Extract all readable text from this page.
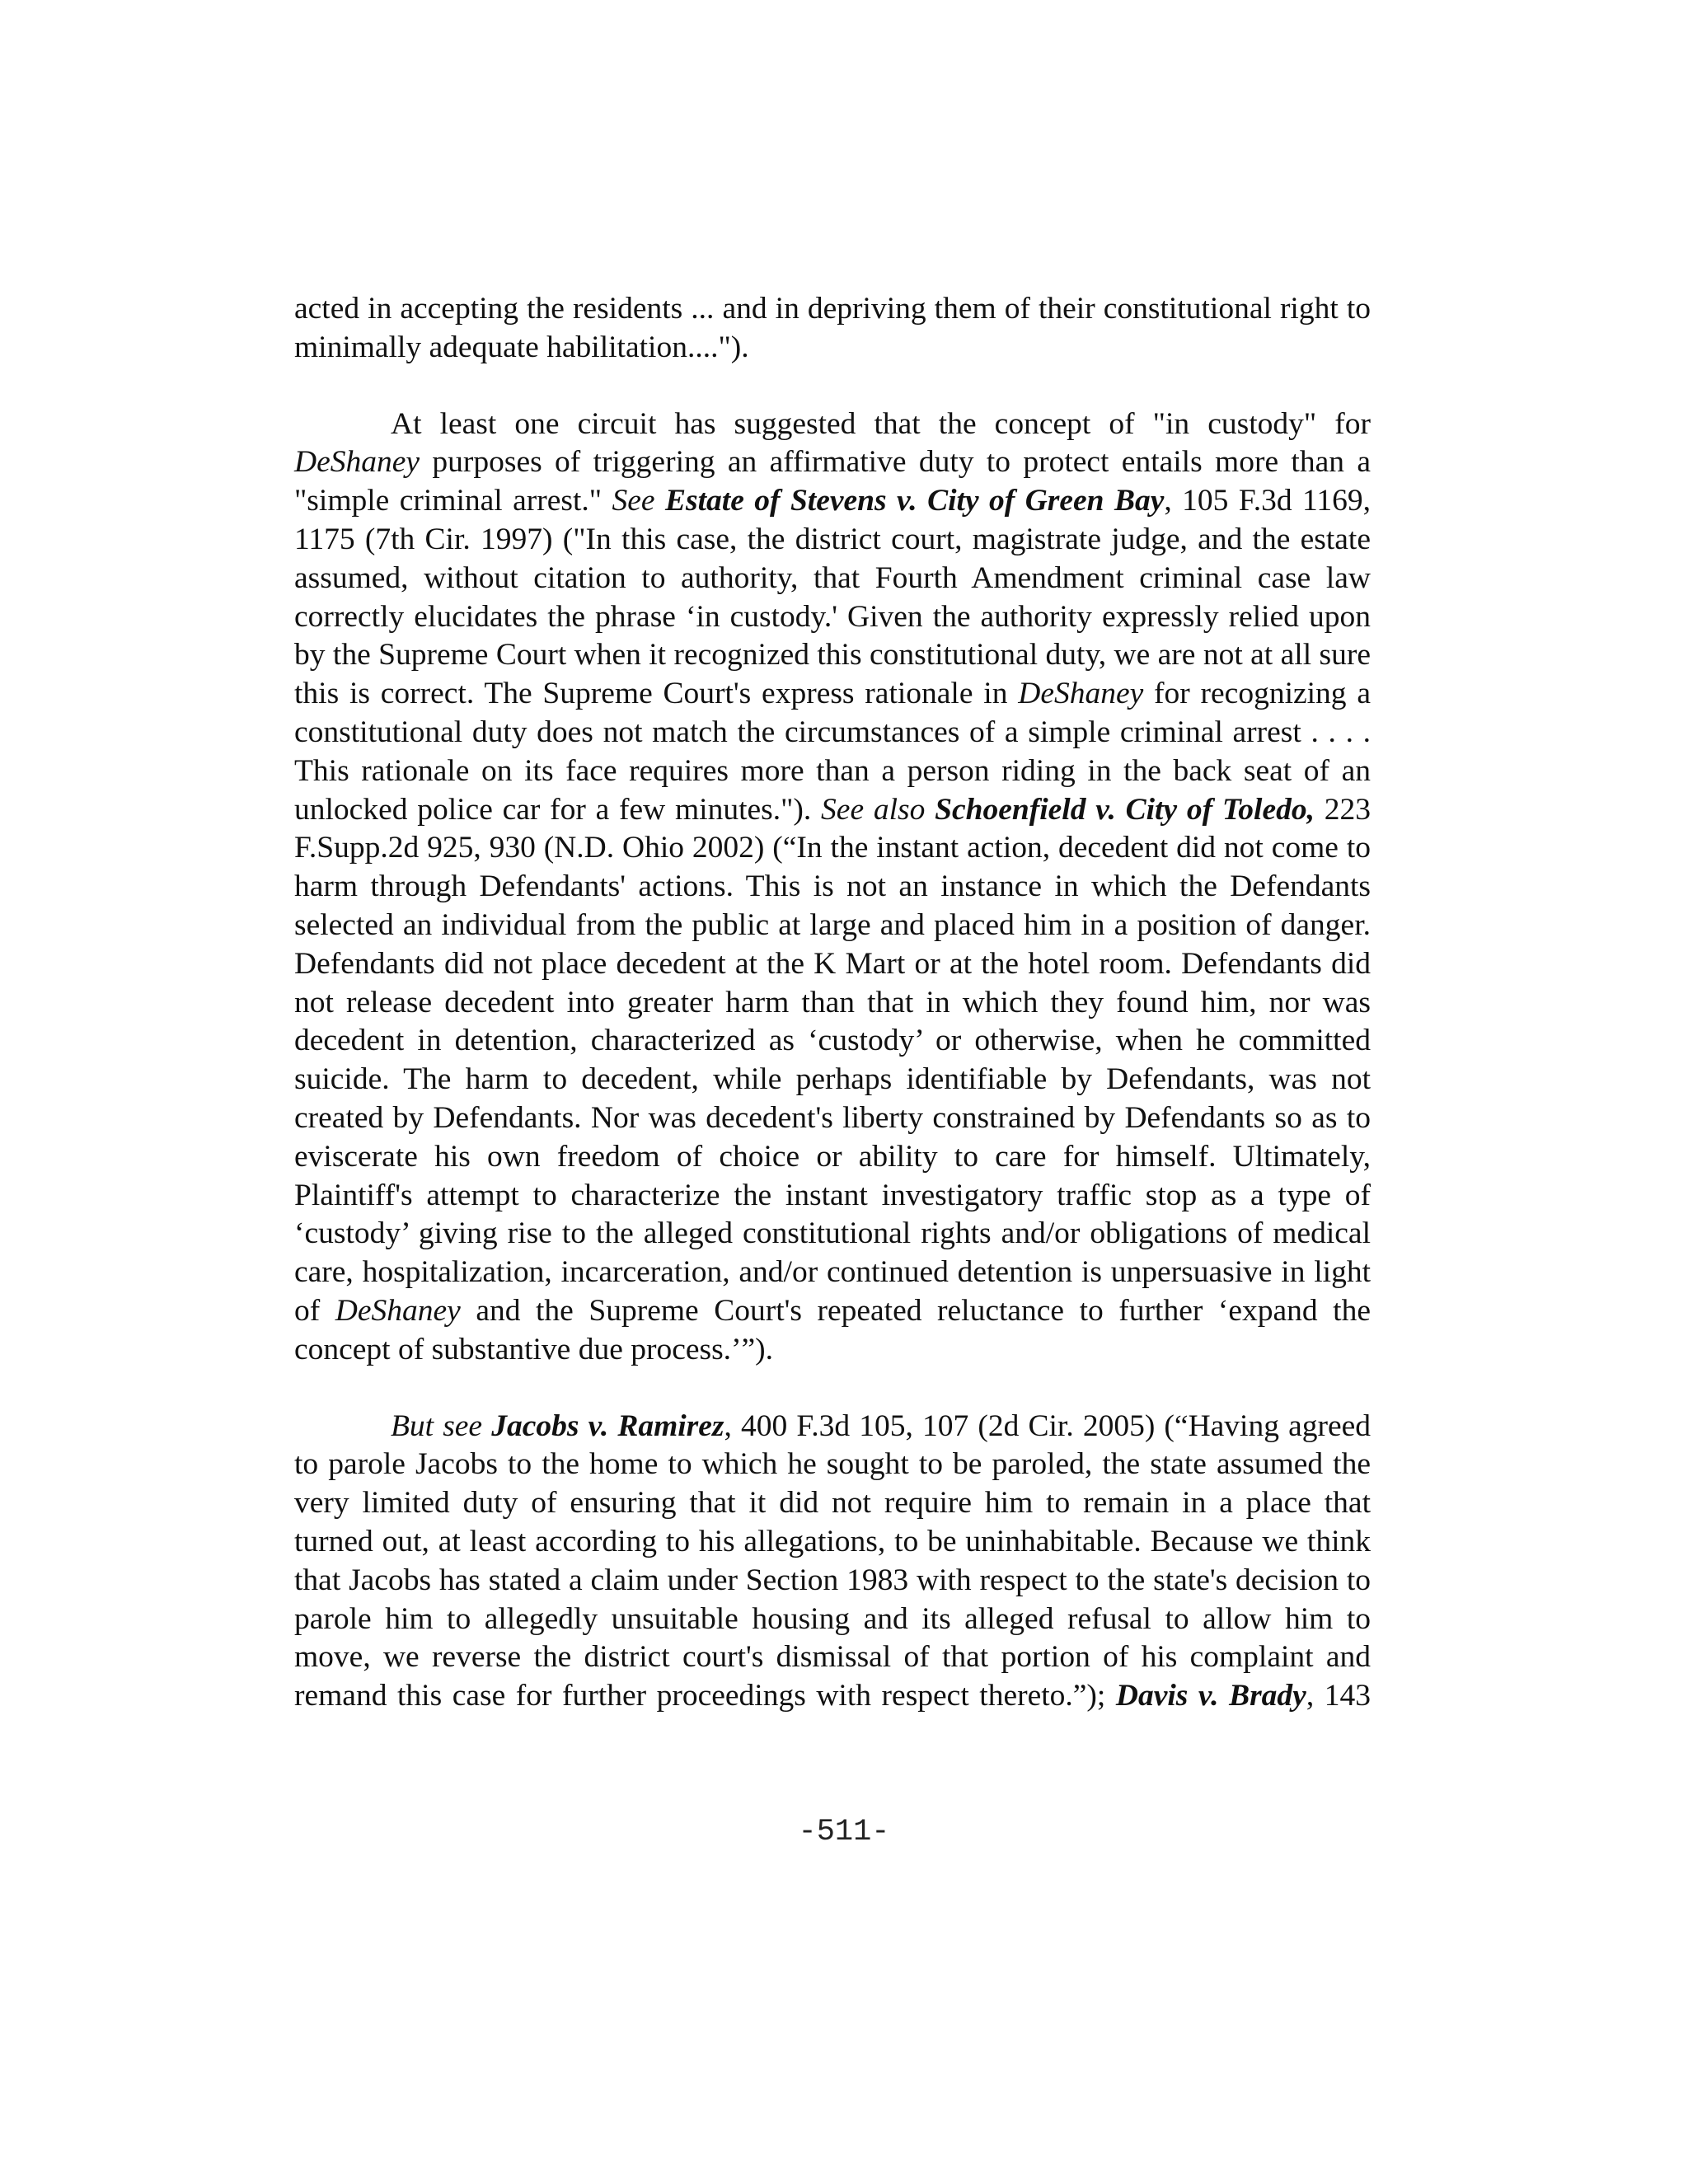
acted in accepting the residents ... and in depriving them of their constitutional right to minimally adequate habilitation....").

At least one circuit has suggested that the concept of "in custody" for DeShaney purposes of triggering an affirmative duty to protect entails more than a "simple criminal arrest." See Estate of Stevens v. City of Green Bay, 105 F.3d 1169, 1175 (7th Cir. 1997) ("In this case, the district court, magistrate judge, and the estate assumed, without citation to authority, that Fourth Amendment criminal case law correctly elucidates the phrase ‘in custody.' Given the authority expressly relied upon by the Supreme Court when it recognized this constitutional duty, we are not at all sure this is correct. The Supreme Court's express rationale in DeShaney for recognizing a constitutional duty does not match the circumstances of a simple criminal arrest . . . . This rationale on its face requires more than a person riding in the back seat of an unlocked police car for a few minutes."). See also Schoenfield v. City of Toledo, 223 F.Supp.2d 925, 930 (N.D. Ohio 2002) (“In the instant action, decedent did not come to harm through Defendants' actions. This is not an instance in which the Defendants selected an individual from the public at large and placed him in a position of danger. Defendants did not place decedent at the K Mart or at the hotel room. Defendants did not release decedent into greater harm than that in which they found him, nor was decedent in detention, characterized as ‘custody’ or otherwise, when he committed suicide. The harm to decedent, while perhaps identifiable by Defendants, was not created by Defendants. Nor was decedent's liberty constrained by Defendants so as to eviscerate his own freedom of choice or ability to care for himself. Ultimately, Plaintiff's attempt to characterize the instant investigatory traffic stop as a type of ‘custody’ giving rise to the alleged constitutional rights and/or obligations of medical care, hospitalization, incarceration, and/or continued detention is unpersuasive in light of DeShaney and the Supreme Court's repeated reluctance to further ‘expand the concept of substantive due process.’”).

But see Jacobs v. Ramirez, 400 F.3d 105, 107 (2d Cir. 2005) (“Having agreed to parole Jacobs to the home to which he sought to be paroled, the state assumed the very limited duty of ensuring that it did not require him to remain in a place that turned out, at least according to his allegations, to be uninhabitable. Because we think that Jacobs has stated a claim under Section 1983 with respect to the state's decision to parole him to allegedly unsuitable housing and its alleged refusal to allow him to move, we reverse the district court's dismissal of that portion of his complaint and remand this case for further proceedings with respect thereto.”); Davis v. Brady, 143

-511-
